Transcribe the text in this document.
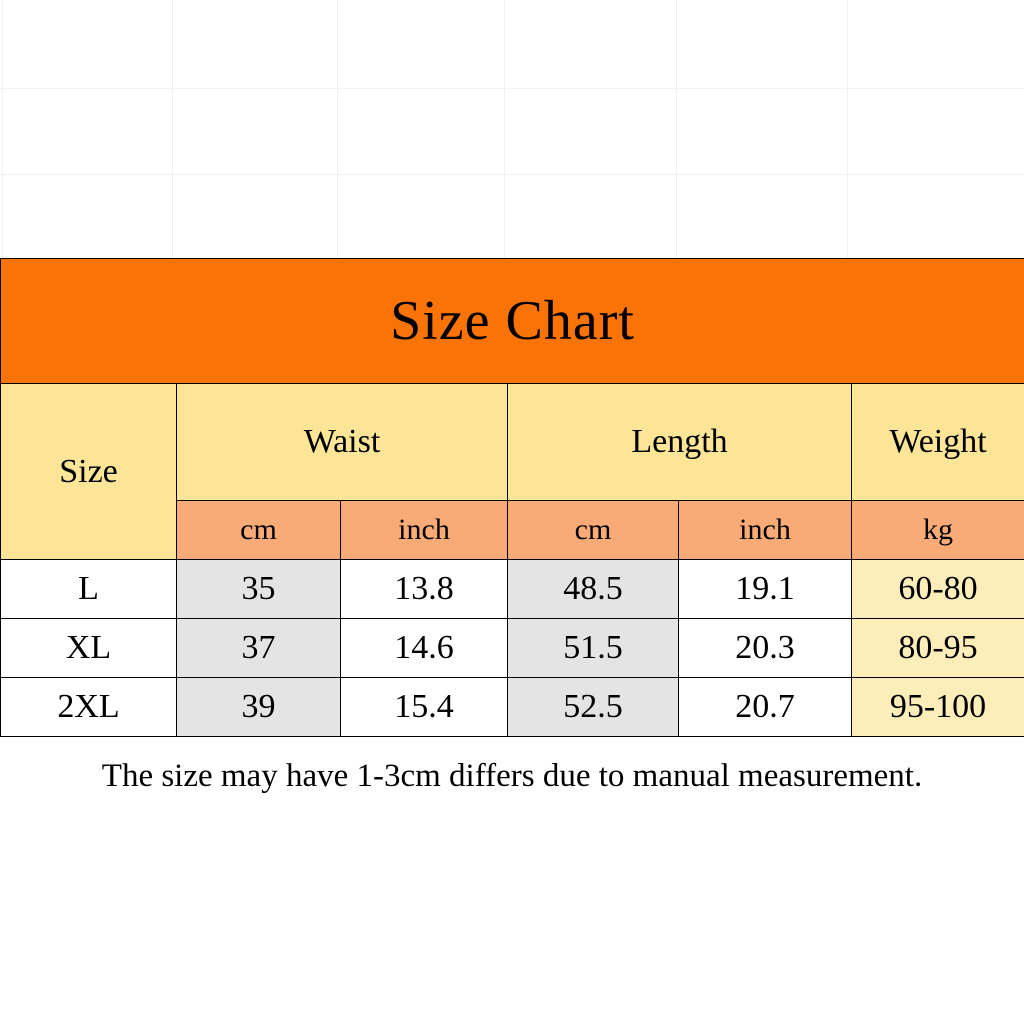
Size Chart					
Size	Waist		Length		Weight
	cm	inch	cm	inch	kg
L	35	13.8	48.5	19.1	60-80
XL	37	14.6	51.5	20.3	80-95
2XL	39	15.4	52.5	20.7	95-100
The size may have 1-3cm differs due to manual measurement.
